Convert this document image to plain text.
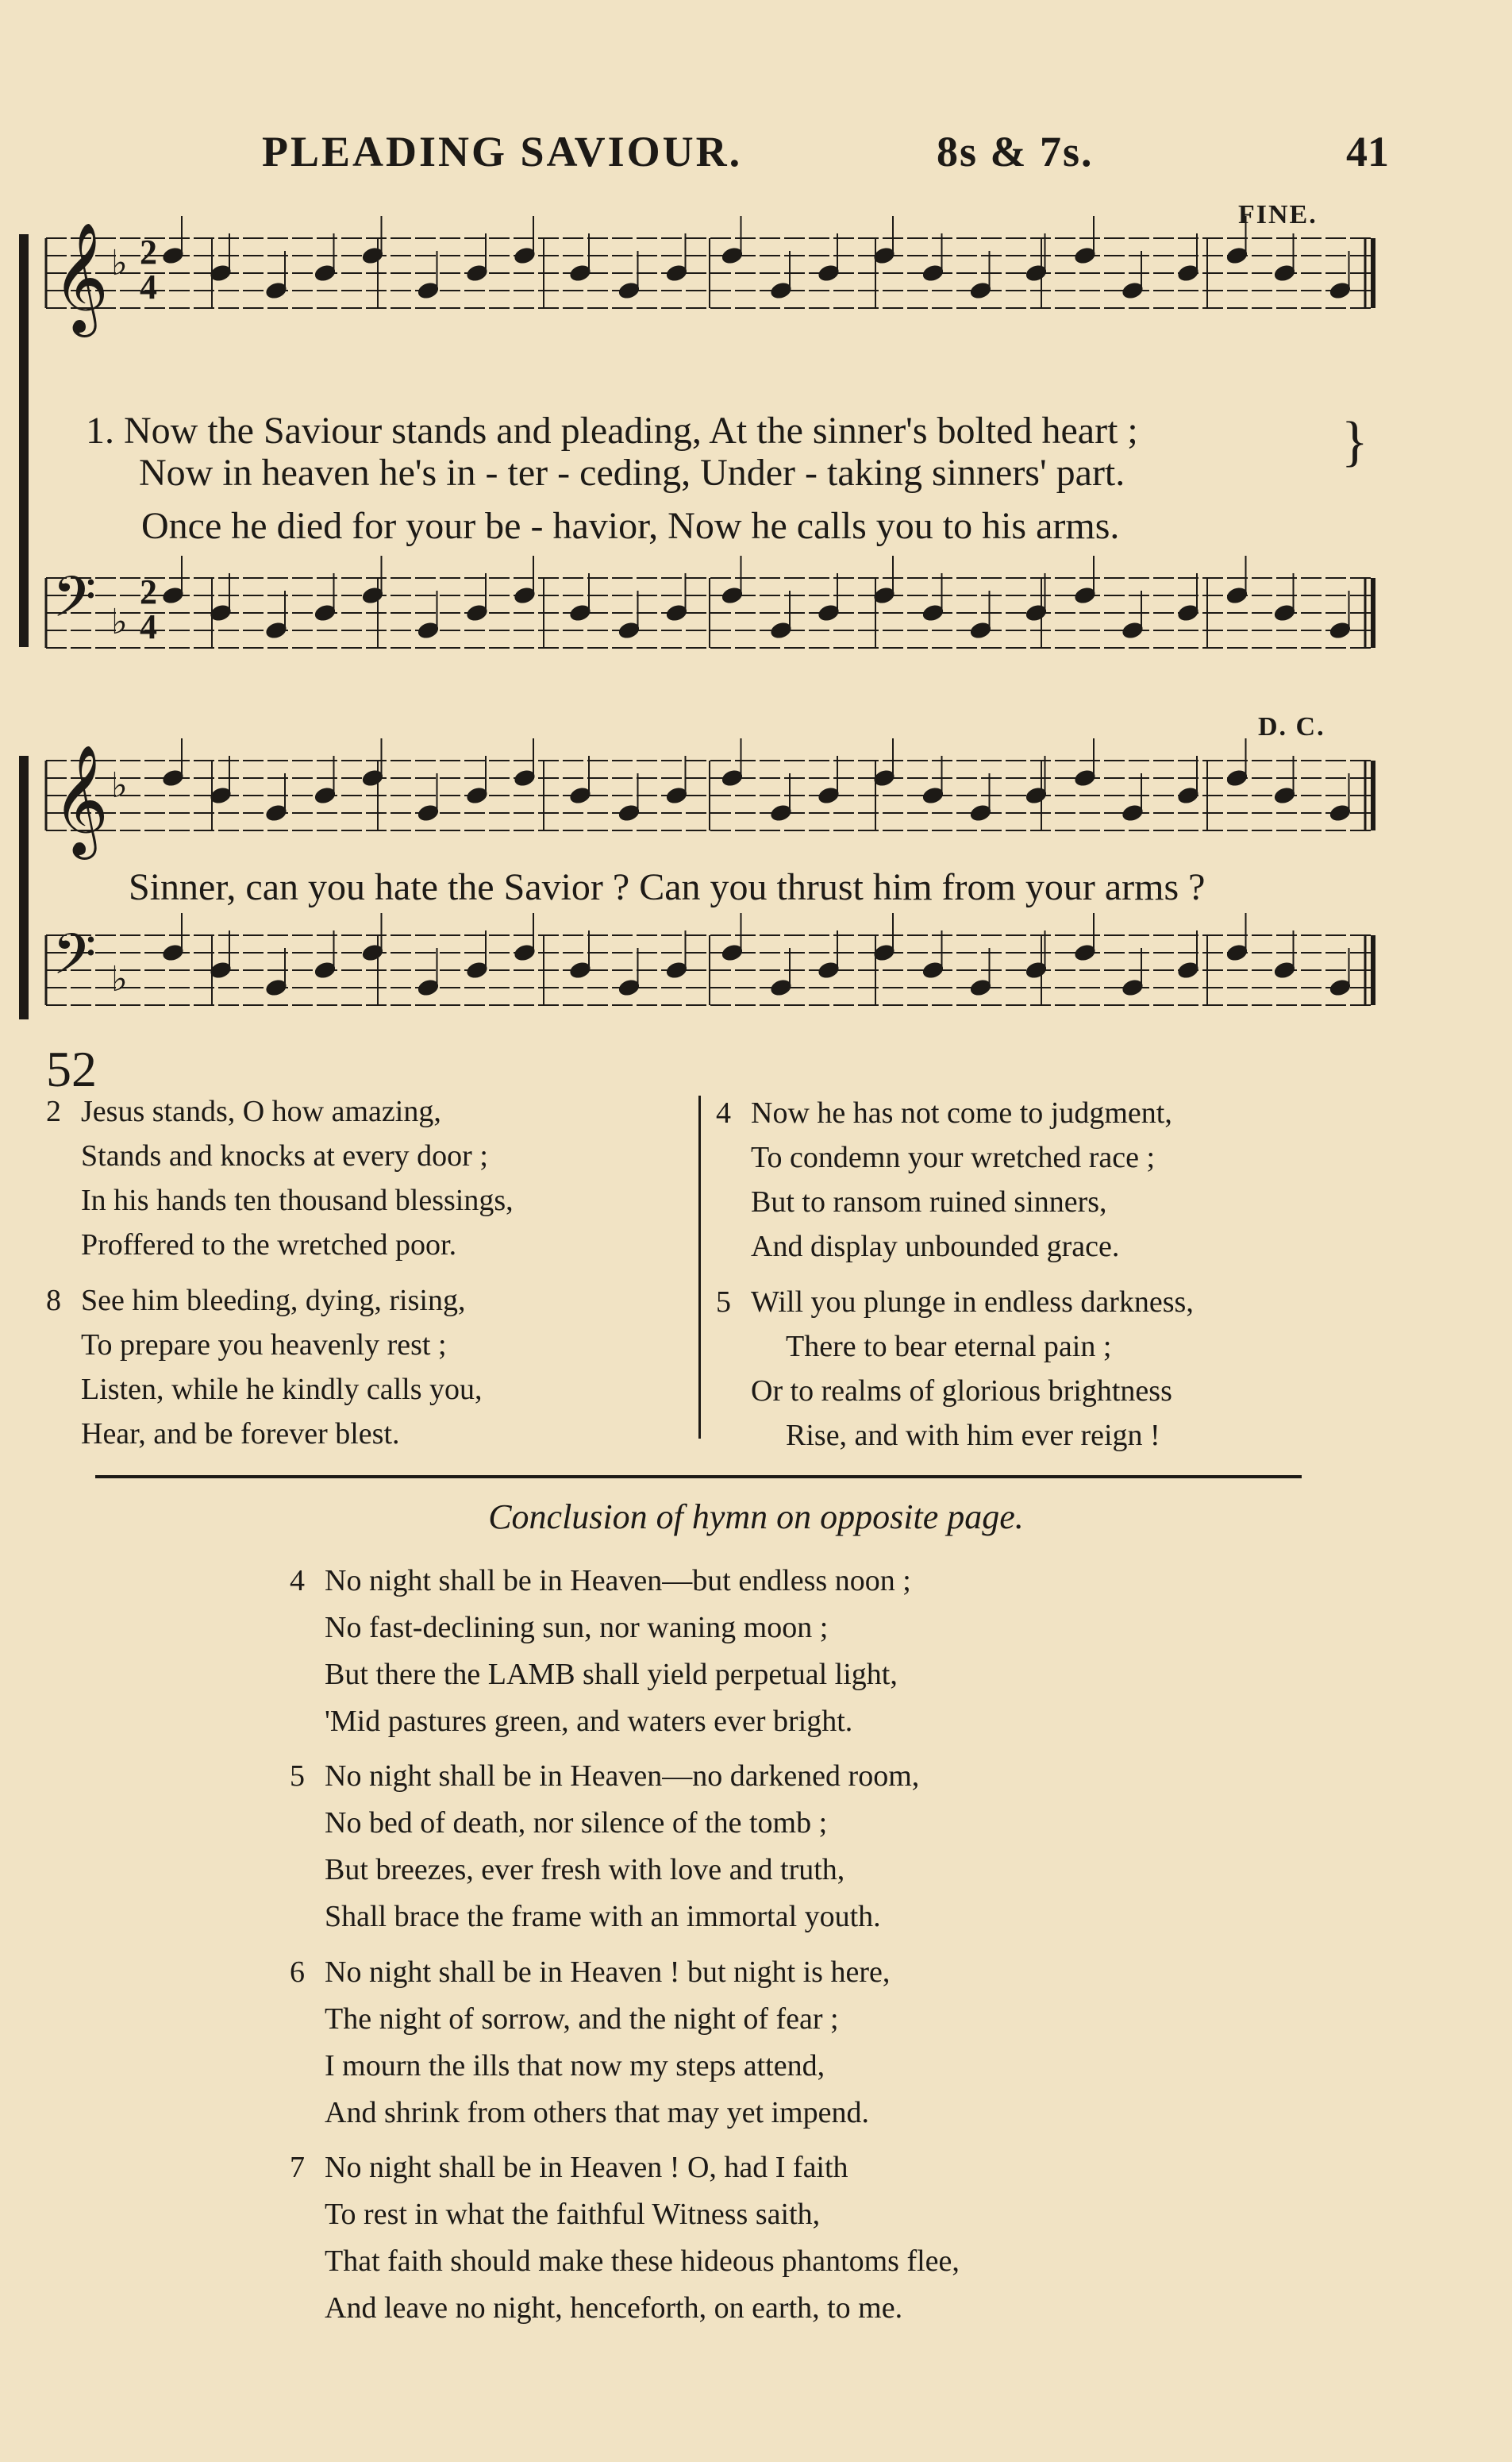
PLEADING SAVIOUR.	8s & 7s.	41
FINE.
D. C.
𝄞 ♭
𝄢 ♭
𝄞 ♭
𝄢 ♭
2
4
2
4
1. Now the Saviour stands and pleading, At the sinner's bolted heart ;
Now in heaven he's in - ter - ceding, Under - taking sinners' part.
}
Once he died for your be - havior, Now he calls you to his arms.
Sinner, can you hate the Savior ? Can you thrust him from your arms ?
52
2 Jesus stands, O how amazing,
Stands and knocks at every door ;
In his hands ten thousand blessings,
Proffered to the wretched poor.
8 See him bleeding, dying, rising,
To prepare you heavenly rest ;
Listen, while he kindly calls you,
Hear, and be forever blest.
4 Now he has not come to judgment,
To condemn your wretched race ;
But to ransom ruined sinners,
And display unbounded grace.
5 Will you plunge in endless darkness,
There to bear eternal pain ;
Or to realms of glorious brightness
Rise, and with him ever reign !
Conclusion of hymn on opposite page.
4 No night shall be in Heaven—but endless noon ;
No fast-declining sun, nor waning moon ;
But there the LAMB shall yield perpetual light,
'Mid pastures green, and waters ever bright.
5 No night shall be in Heaven—no darkened room,
No bed of death, nor silence of the tomb ;
But breezes, ever fresh with love and truth,
Shall brace the frame with an immortal youth.
6 No night shall be in Heaven ! but night is here,
The night of sorrow, and the night of fear ;
I mourn the ills that now my steps attend,
And shrink from others that may yet impend.
7 No night shall be in Heaven ! O, had I faith
To rest in what the faithful Witness saith,
That faith should make these hideous phantoms flee,
And leave no night, henceforth, on earth, to me.
